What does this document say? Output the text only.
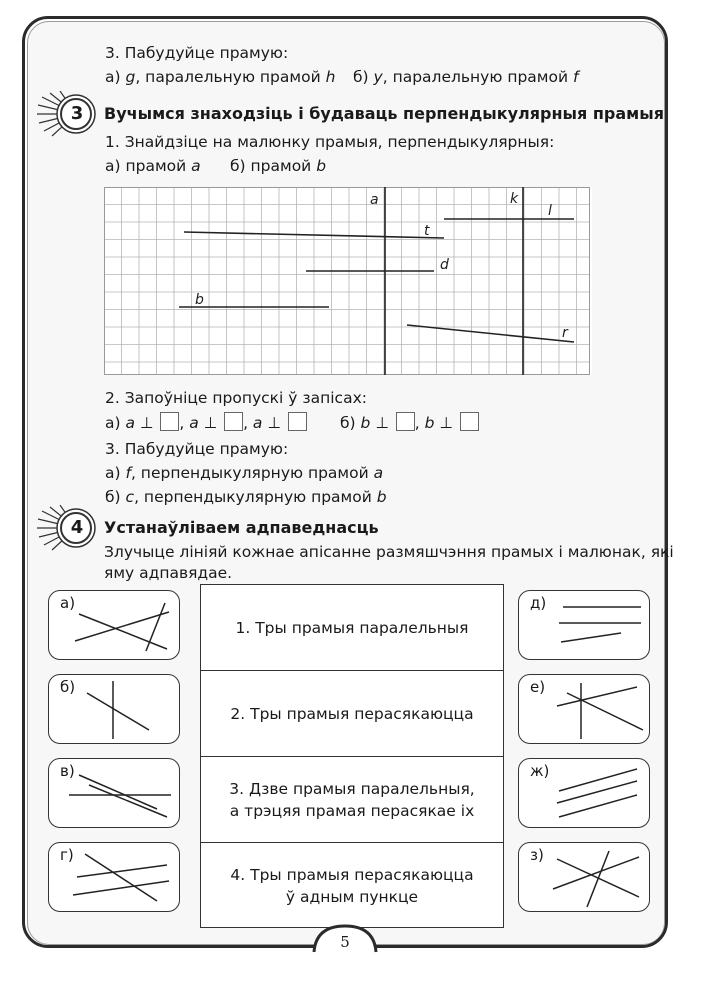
3. Пабудуйце прамую:
а) g, паралельную прамой h б) y, паралельную прамой f
3	Вучымся знаходзіць і будаваць перпендыкулярныя прамыя
1. Знайдзіце на малюнку прамыя, перпендыкулярныя:
а) прамой a б) прамой b
a	k
l
t
d
b
r
2. Запоўніце пропускі ў запісах:
а) a ⊥ , a ⊥ , a ⊥	б) b ⊥ , b ⊥
3. Пабудуйце прамую:
а) f, перпендыкулярную прамой a
б) c, перпендыкулярную прамой b
4	Устанаўліваем адпаведнасць
Злучыце лініяй кожнае апісанне размяшчэння прамых і малюнак, які
яму адпавядае.
1. Тры прамыя паралельныя
2. Тры прамыя перасякаюцца
3. Дзве прамыя паралельныя,
а трэцяя прамая перасякае іх
4. Тры прамыя перасякаюцца
ў адным пункце
а)
б)
в)
г)
д)
е)
ж)
з)
5
